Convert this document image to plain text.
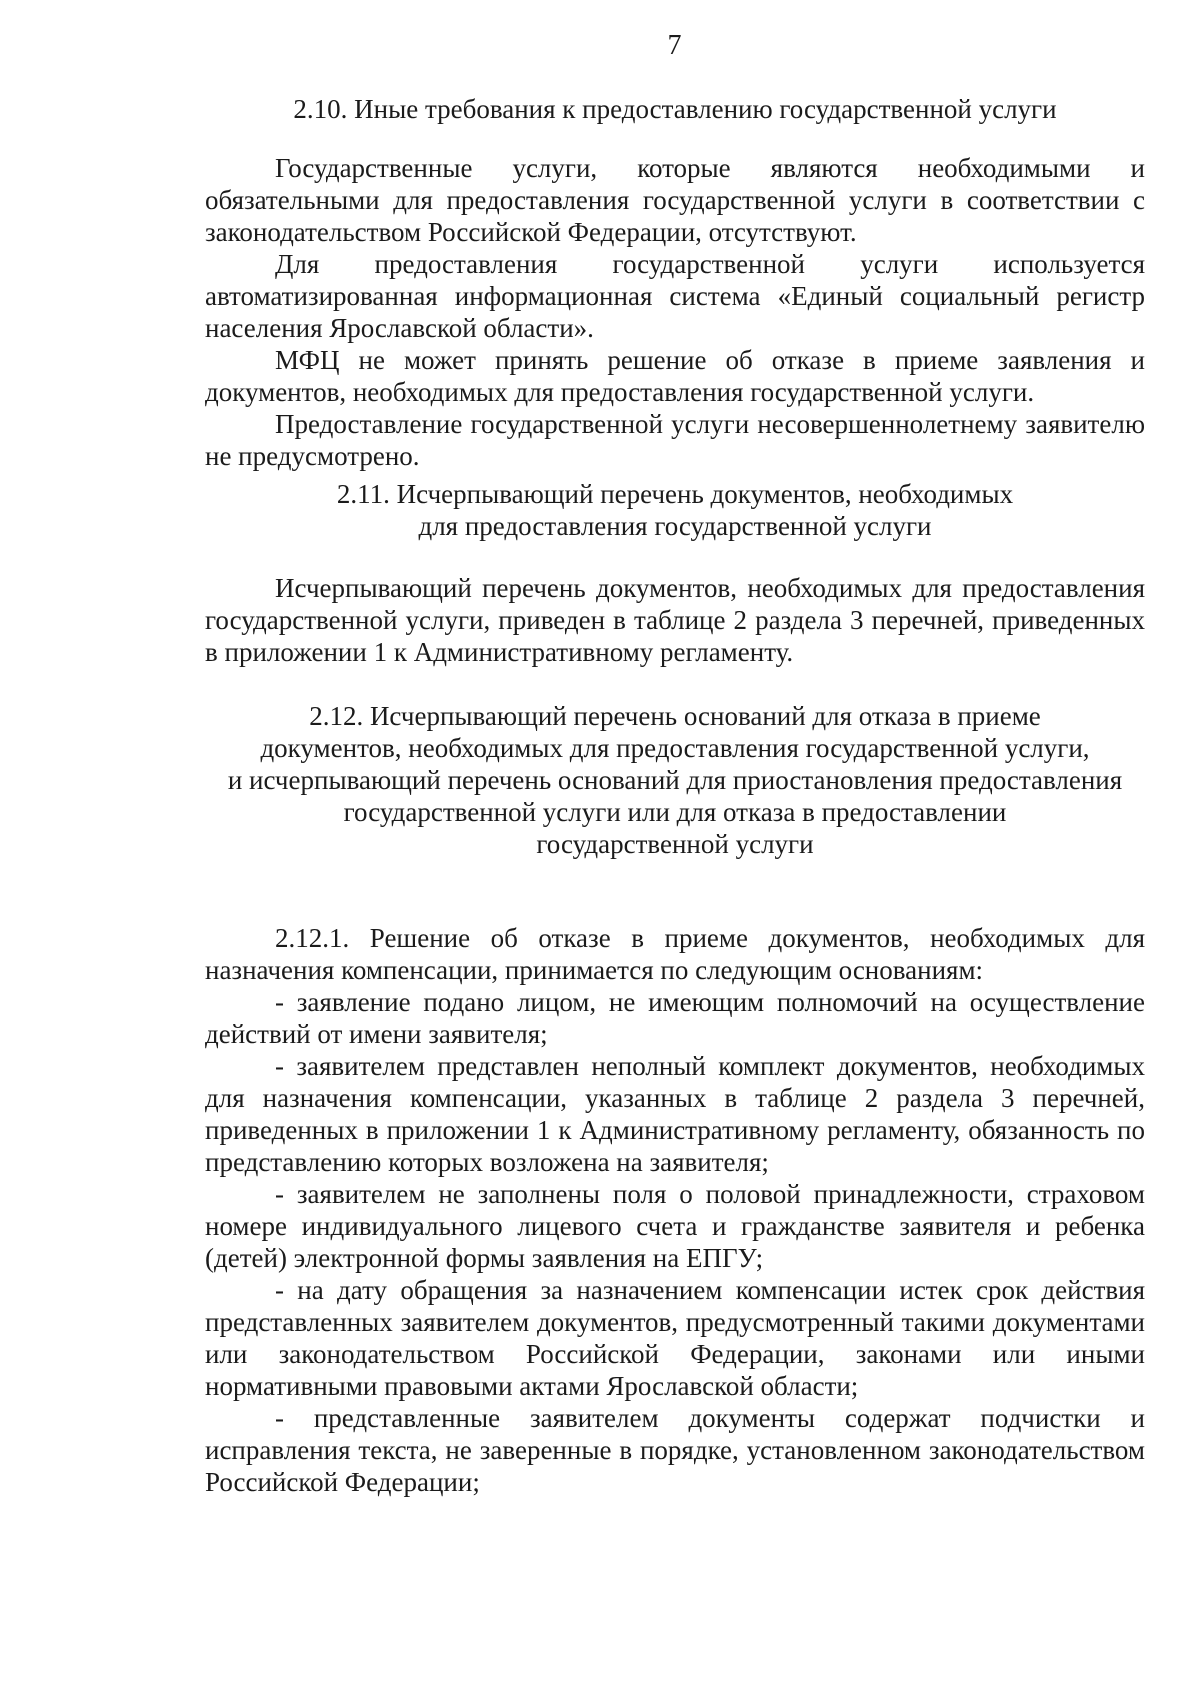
7
2.10. Иные требования к предоставлению государственной услуги

Государственные услуги, которые являются необходимыми и обязательными для предоставления государственной услуги в соответствии с законодательством Российской Федерации, отсутствуют.

Для предоставления государственной услуги используется автоматизированная информационная система «Единый социальный регистр населения Ярославской области».

МФЦ не может принять решение об отказе в приеме заявления и документов, необходимых для предоставления государственной услуги.

Предоставление государственной услуги несовершеннолетнему заявителю не предусмотрено.

2.11. Исчерпывающий перечень документов, необходимых
для предоставления государственной услуги

Исчерпывающий перечень документов, необходимых для предоставления государственной услуги, приведен в таблице 2 раздела 3 перечней, приведенных в приложении 1 к Административному регламенту.

2.12. Исчерпывающий перечень оснований для отказа в приеме
документов, необходимых для предоставления государственной услуги,
и исчерпывающий перечень оснований для приостановления предоставления
государственной услуги или для отказа в предоставлении
государственной услуги

2.12.1. Решение об отказе в приеме документов, необходимых для назначения компенсации, принимается по следующим основаниям:

- заявление подано лицом, не имеющим полномочий на осуществление действий от имени заявителя;

- заявителем представлен неполный комплект документов, необходимых для назначения компенсации, указанных в таблице 2 раздела 3 перечней, приведенных в приложении 1 к Административному регламенту, обязанность по представлению которых возложена на заявителя;

- заявителем не заполнены поля о половой принадлежности, страховом номере индивидуального лицевого счета и гражданстве заявителя и ребенка (детей) электронной формы заявления на ЕПГУ;

- на дату обращения за назначением компенсации истек срок действия представленных заявителем документов, предусмотренный такими документами или законодательством Российской Федерации, законами или иными нормативными правовыми актами Ярославской области;

- представленные заявителем документы содержат подчистки и исправления текста, не заверенные в порядке, установленном законодательством Российской Федерации;
